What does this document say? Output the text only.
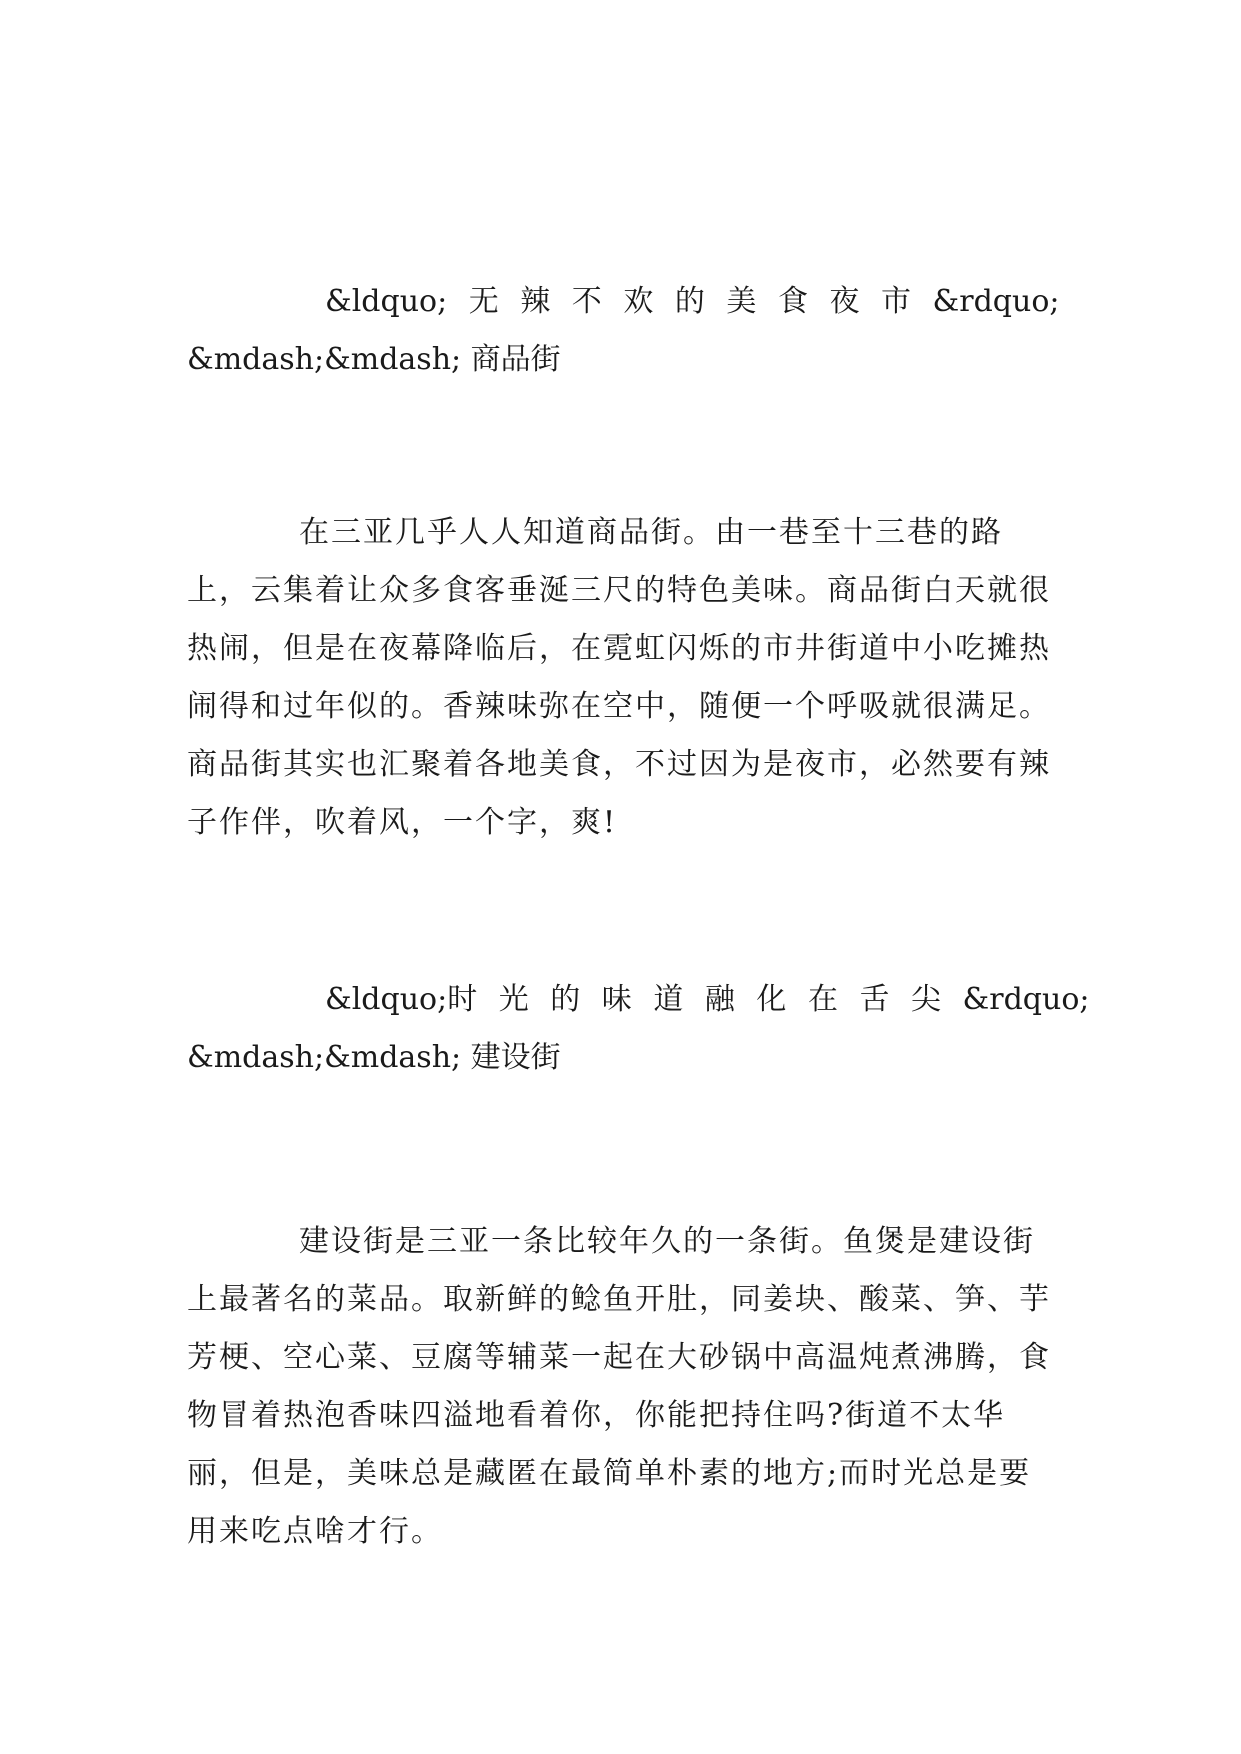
&ldquo; 无 辣 不 欢 的 美 食 夜 市 &rdquo;
&mdash;&mdash; 商品街
在三亚几乎人人知道商品街。由一巷至十三巷的路上，云集着让众多食客垂涎三尺的特色美味。商品街白天就很热闹，但是在夜幕降临后，在霓虹闪烁的市井街道中小吃摊热闹得和过年似的。香辣味弥在空中，随便一个呼吸就很满足。商品街其实也汇聚着各地美食，不过因为是夜市，必然要有辣子作伴，吹着风，一个字，爽!
&ldquo;时 光 的 味 道 融 化 在 舌 尖 &rdquo;
&mdash;&mdash; 建设街
建设街是三亚一条比较年久的一条街。鱼煲是建设街上最著名的菜品。取新鲜的鲶鱼开肚，同姜块、酸菜、笋、芋芳梗、空心菜、豆腐等辅菜一起在大砂锅中高温炖煮沸腾，食物冒着热泡香味四溢地看着你，你能把持住吗?街道不太华丽，但是，美味总是藏匿在最简单朴素的地方;而时光总是要用来吃点啥才行。
